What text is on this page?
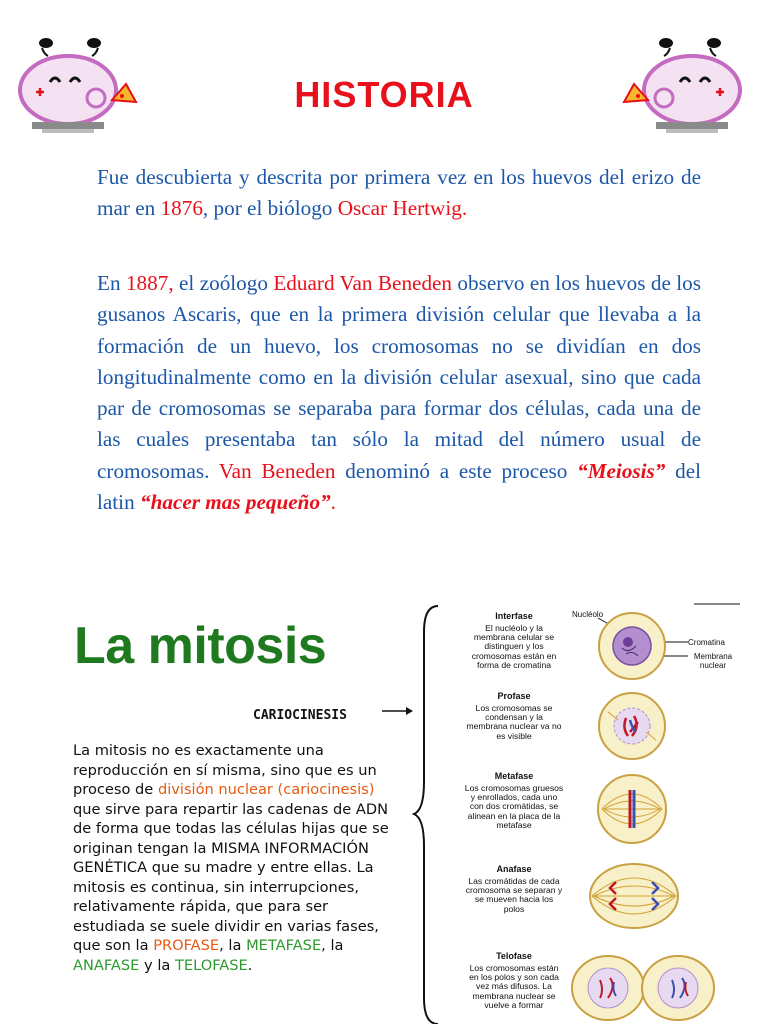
HISTORIA

Fue descubierta y descrita por primera vez en los huevos del erizo de mar en 1876, por el biólogo Oscar Hertwig.

En 1887, el zoólogo Eduard Van Beneden observo en los huevos de los gusanos Ascaris, que en la primera división celular que llevaba a la formación de un huevo, los cromosomas no se dividían en dos longitudinalmente como en la división celular asexual, sino que cada par de cromosomas se separaba para formar dos células, cada una de las cuales presentaba tan sólo la mitad del número usual de cromosomas. Van Beneden denominó a este proceso “Meiosis” del latin “hacer mas pequeño”.

La mitosis
CARIOCINESIS

La mitosis no es exactamente una reproducción en sí misma, sino que es un proceso de división nuclear (cariocinesis) que sirve para repartir las cadenas de ADN de forma que todas las células hijas que se originan tengan la MISMA INFORMACIÓN GENÉTICA que su madre y entre ellas. La mitosis es continua, sin interrupciones, relativamente rápida, que para ser estudiada se suele dividir en varias fases, que son la PROFASE, la METAFASE, la ANAFASE y la TELOFASE.

Interfase
El nucléolo y la membrana celular se distinguen y los cromosomas están en forma de cromatina
Profase
Los cromosomas se condensan y la membrana nuclear va no es visible
Metafase
Los cromosomas gruesos y enrollados, cada uno con dos cromátidas, se alinean en la placa de la metafase
Anafase
Las cromátidas de cada cromosoma se separan y se mueven hacia los polos
Telofase
Los cromosomas están en los polos y son cada vez más difusos. La membrana nuclear se vuelve a formar
Nucléolo
Cromatina
Membrana nuclear
